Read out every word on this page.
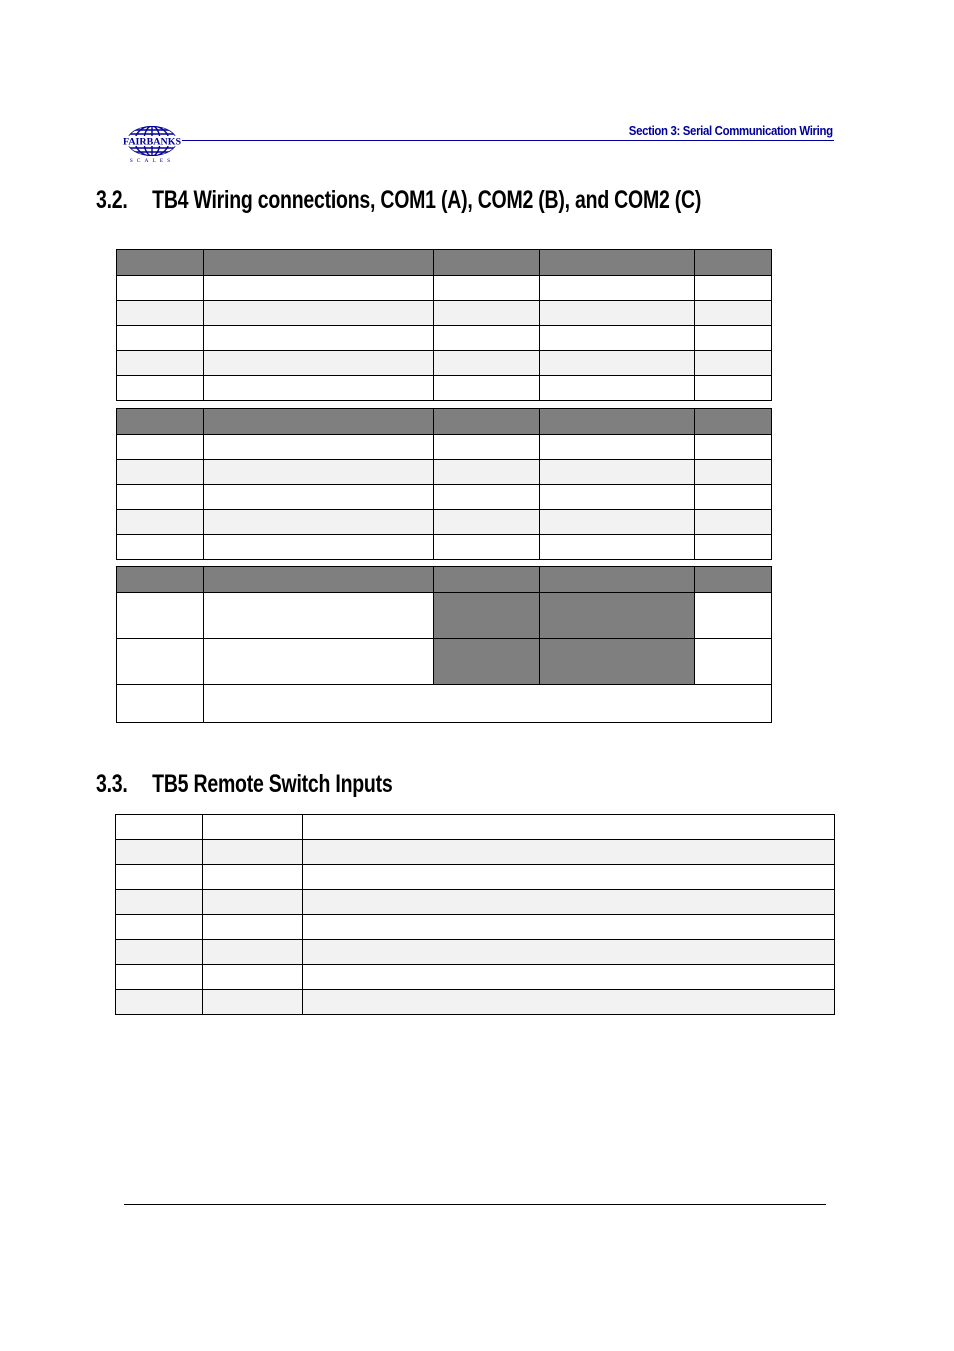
FAIRBANKS
SCALES
Section 3: Serial Communication Wiring
3.2. TB4 Wiring connections, COM1 (A), COM2 (B), and COM2 (C)

3.3. TB5 Remote Switch Inputs
